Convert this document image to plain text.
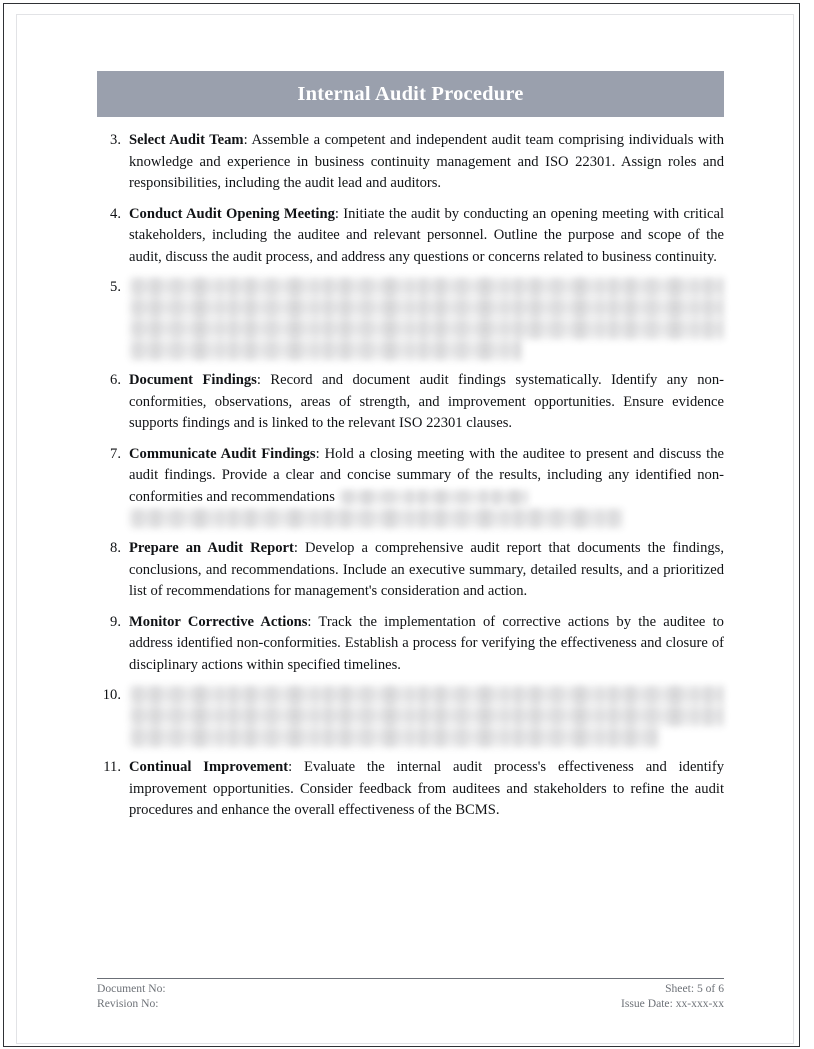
Internal Audit Procedure
3. Select Audit Team: Assemble a competent and independent audit team comprising individuals with knowledge and experience in business continuity management and ISO 22301. Assign roles and responsibilities, including the audit lead and auditors.
4. Conduct Audit Opening Meeting: Initiate the audit by conducting an opening meeting with critical stakeholders, including the auditee and relevant personnel. Outline the purpose and scope of the audit, discuss the audit process, and address any questions or concerns related to business continuity.
5.
6. Document Findings: Record and document audit findings systematically. Identify any non-conformities, observations, areas of strength, and improvement opportunities. Ensure evidence supports findings and is linked to the relevant ISO 22301 clauses.
7. Communicate Audit Findings: Hold a closing meeting with the auditee to present and discuss the audit findings. Provide a clear and concise summary of the results, including any identified non-conformities and recommendations
8. Prepare an Audit Report: Develop a comprehensive audit report that documents the findings, conclusions, and recommendations. Include an executive summary, detailed results, and a prioritized list of recommendations for management's consideration and action.
9. Monitor Corrective Actions: Track the implementation of corrective actions by the auditee to address identified non-conformities. Establish a process for verifying the effectiveness and closure of disciplinary actions within specified timelines.
10.
11. Continual Improvement: Evaluate the internal audit process's effectiveness and identify improvement opportunities. Consider feedback from auditees and stakeholders to refine the audit procedures and enhance the overall effectiveness of the BCMS.
Document No:	Sheet: 5 of 6
Revision No:	Issue Date: xx-xxx-xx
